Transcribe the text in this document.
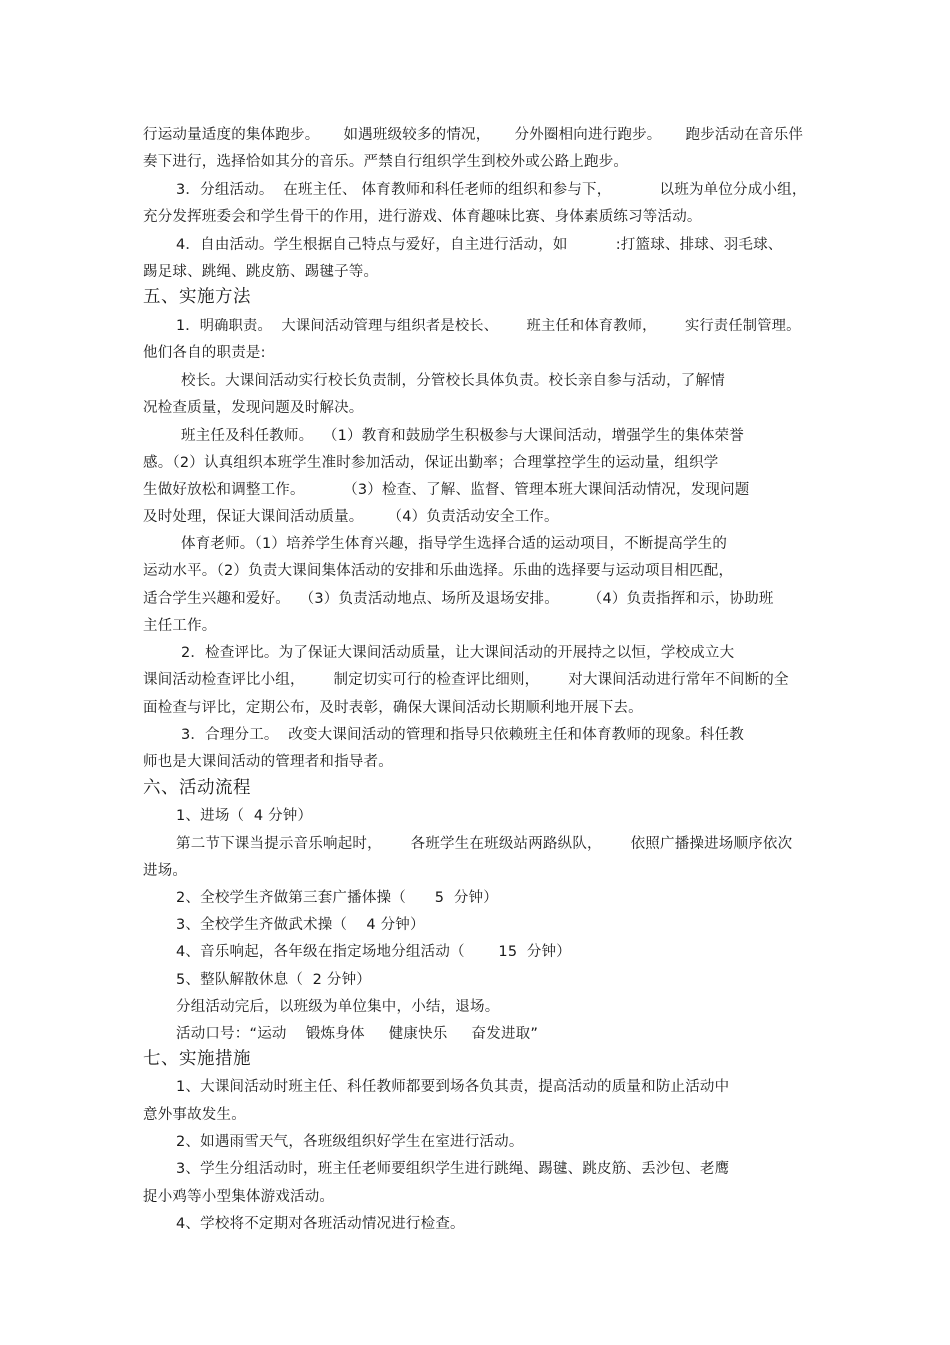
行运动量适度的集体跑步。     如遇班级较多的情况，     分外圈相向进行跑步。     跑步活动在音乐伴
奏下进行，选择恰如其分的音乐。严禁自行组织学生到校外或公路上跑步。
3．分组活动。  在班主任、 体育教师和科任老师的组织和参与下，          以班为单位分成小组，
充分发挥班委会和学生骨干的作用，进行游戏、体育趣味比赛、身体素质练习等活动。
4．自由活动。学生根据自己特点与爱好，自主进行活动，如          :打篮球、排球、羽毛球、
踢足球、跳绳、跳皮筋、踢毽子等。
五、实施方法
1．明确职责。  大课间活动管理与组织者是校长、      班主任和体育教师，      实行责任制管理。
他们各自的职责是:
校长。大课间活动实行校长负责制，分管校长具体负责。校长亲自参与活动，了解情
况检查质量，发现问题及时解决。
班主任及科任教师。  （1）教育和鼓励学生积极参与大课间活动，增强学生的集体荣誉
感。（2）认真组织本班学生准时参加活动，保证出勤率；合理掌控学生的运动量，组织学
生做好放松和调整工作。        （3）检查、了解、监督、管理本班大课间活动情况，发现问题
及时处理，保证大课间活动质量。     （4）负责活动安全工作。
体育老师。（1）培养学生体育兴趣，指导学生选择合适的运动项目，不断提高学生的
运动水平。（2）负责大课间集体活动的安排和乐曲选择。乐曲的选择要与运动项目相匹配，
适合学生兴趣和爱好。  （3）负责活动地点、场所及退场安排。      （4）负责指挥和示，协助班
主任工作。
2．检查评比。为了保证大课间活动质量，让大课间活动的开展持之以恒，学校成立大
课间活动检查评比小组，      制定切实可行的检查评比细则，      对大课间活动进行常年不间断的全
面检查与评比，定期公布，及时表彰，确保大课间活动长期顺利地开展下去。
3．合理分工。  改变大课间活动的管理和指导只依赖班主任和体育教师的现象。科任教
师也是大课间活动的管理者和指导者。
六、活动流程
1、进场（  4 分钟）
第二节下课当提示音乐响起时，      各班学生在班级站两路纵队，      依照广播操进场顺序依次
进场。
2、全校学生齐做第三套广播体操（      5  分钟）
3、全校学生齐做武术操（    4 分钟）
4、音乐响起，各年级在指定场地分组活动（       15  分钟）
5、整队解散休息（  2 分钟）
分组活动完后，以班级为单位集中，小结，退场。
活动口号：“运动    锻炼身体     健康快乐     奋发进取”
七、实施措施
1、大课间活动时班主任、科任教师都要到场各负其责，提高活动的质量和防止活动中
意外事故发生。
2、如遇雨雪天气，各班级组织好学生在室进行活动。
3、学生分组活动时，班主任老师要组织学生进行跳绳、踢毽、跳皮筋、丢沙包、老鹰
捉小鸡等小型集体游戏活动。
4、学校将不定期对各班活动情况进行检查。
